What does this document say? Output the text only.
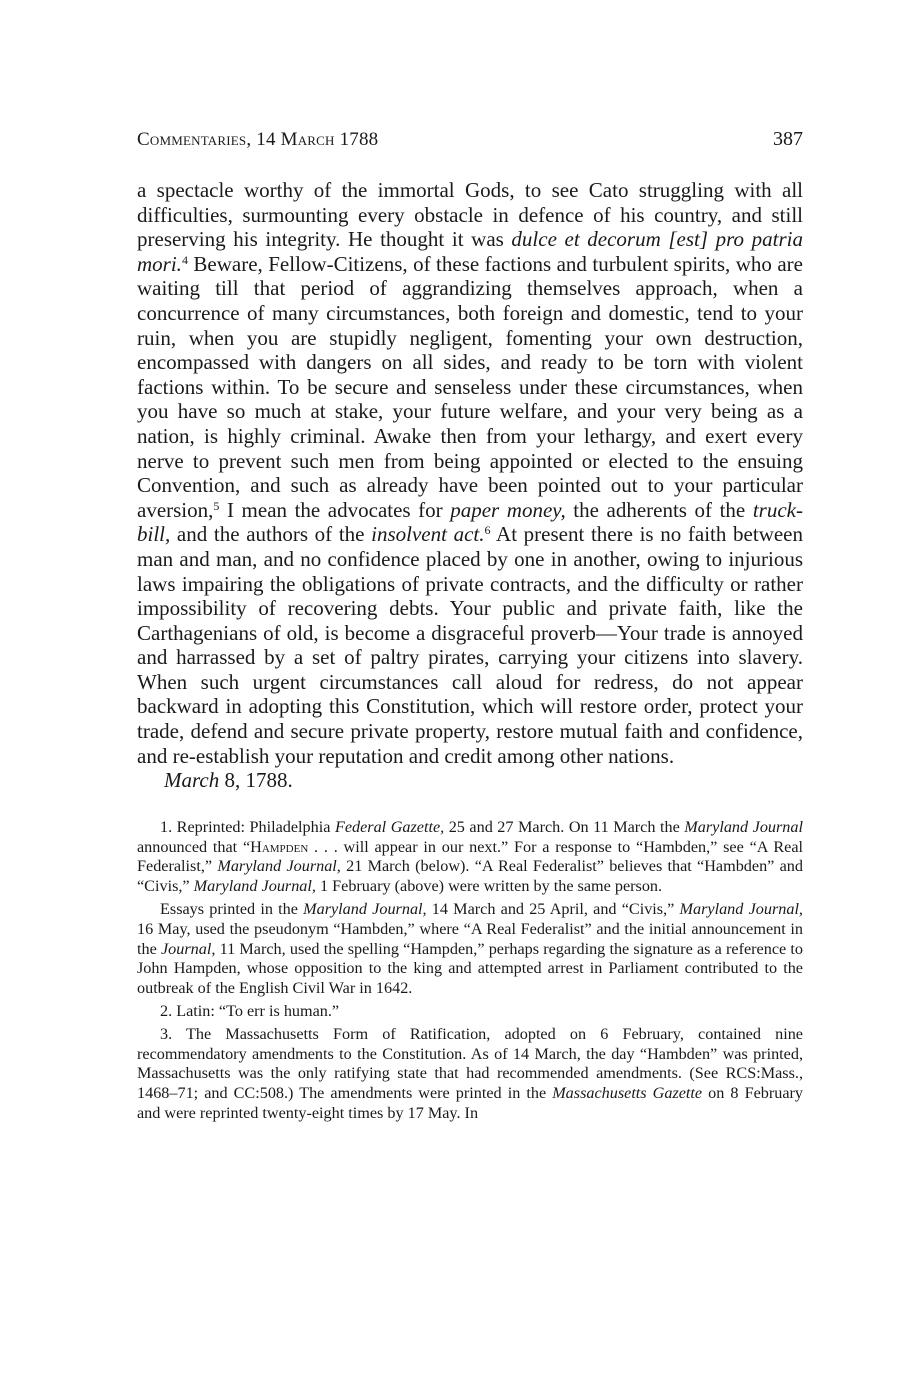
Commentaries, 14 March 1788	387

a spectacle worthy of the immortal Gods, to see Cato struggling with all difficulties, surmounting every obstacle in defence of his country, and still preserving his integrity. He thought it was dulce et decorum [est] pro patria mori.$^4$ Beware, Fellow-Citizens, of these factions and turbulent spirits, who are waiting till that period of aggrandizing themselves approach, when a concurrence of many circumstances, both foreign and domestic, tend to your ruin, when you are stupidly negligent, fomenting your own destruction, encompassed with dangers on all sides, and ready to be torn with violent factions within. To be secure and senseless under these circumstances, when you have so much at stake, your future welfare, and your very being as a nation, is highly criminal. Awake then from your lethargy, and exert every nerve to prevent such men from being appointed or elected to the ensuing Convention, and such as already have been pointed out to your particular aversion,$^5$ I mean the advocates for paper money, the adherents of the truck-bill, and the authors of the insolvent act.$^6$ At present there is no faith between man and man, and no confidence placed by one in another, owing to injurious laws impairing the obligations of private contracts, and the difficulty or rather impossibility of recovering debts. Your public and private faith, like the Carthagenians of old, is become a disgraceful proverb—Your trade is annoyed and harrassed by a set of paltry pirates, carrying your citizens into slavery. When such urgent circumstances call aloud for redress, do not appear backward in adopting this Constitution, which will restore order, protect your trade, defend and secure private property, restore mutual faith and confidence, and re-establish your reputation and credit among other nations.

March 8, 1788.

1. Reprinted: Philadelphia Federal Gazette, 25 and 27 March. On 11 March the Maryland Journal announced that “Hampden . . . will appear in our next.” For a response to “Hambden,” see “A Real Federalist,” Maryland Journal, 21 March (below). “A Real Federalist” believes that “Hambden” and “Civis,” Maryland Journal, 1 February (above) were written by the same person.

Essays printed in the Maryland Journal, 14 March and 25 April, and “Civis,” Maryland Journal, 16 May, used the pseudonym “Hambden,” where “A Real Federalist” and the initial announcement in the Journal, 11 March, used the spelling “Hampden,” perhaps regarding the signature as a reference to John Hampden, whose opposition to the king and attempted arrest in Parliament contributed to the outbreak of the English Civil War in 1642.

2. Latin: “To err is human.”

3. The Massachusetts Form of Ratification, adopted on 6 February, contained nine recommendatory amendments to the Constitution. As of 14 March, the day “Hambden” was printed, Massachusetts was the only ratifying state that had recommended amendments. (See RCS:Mass., 1468–71; and CC:508.) The amendments were printed in the Massachusetts Gazette on 8 February and were reprinted twenty-eight times by 17 May. In
